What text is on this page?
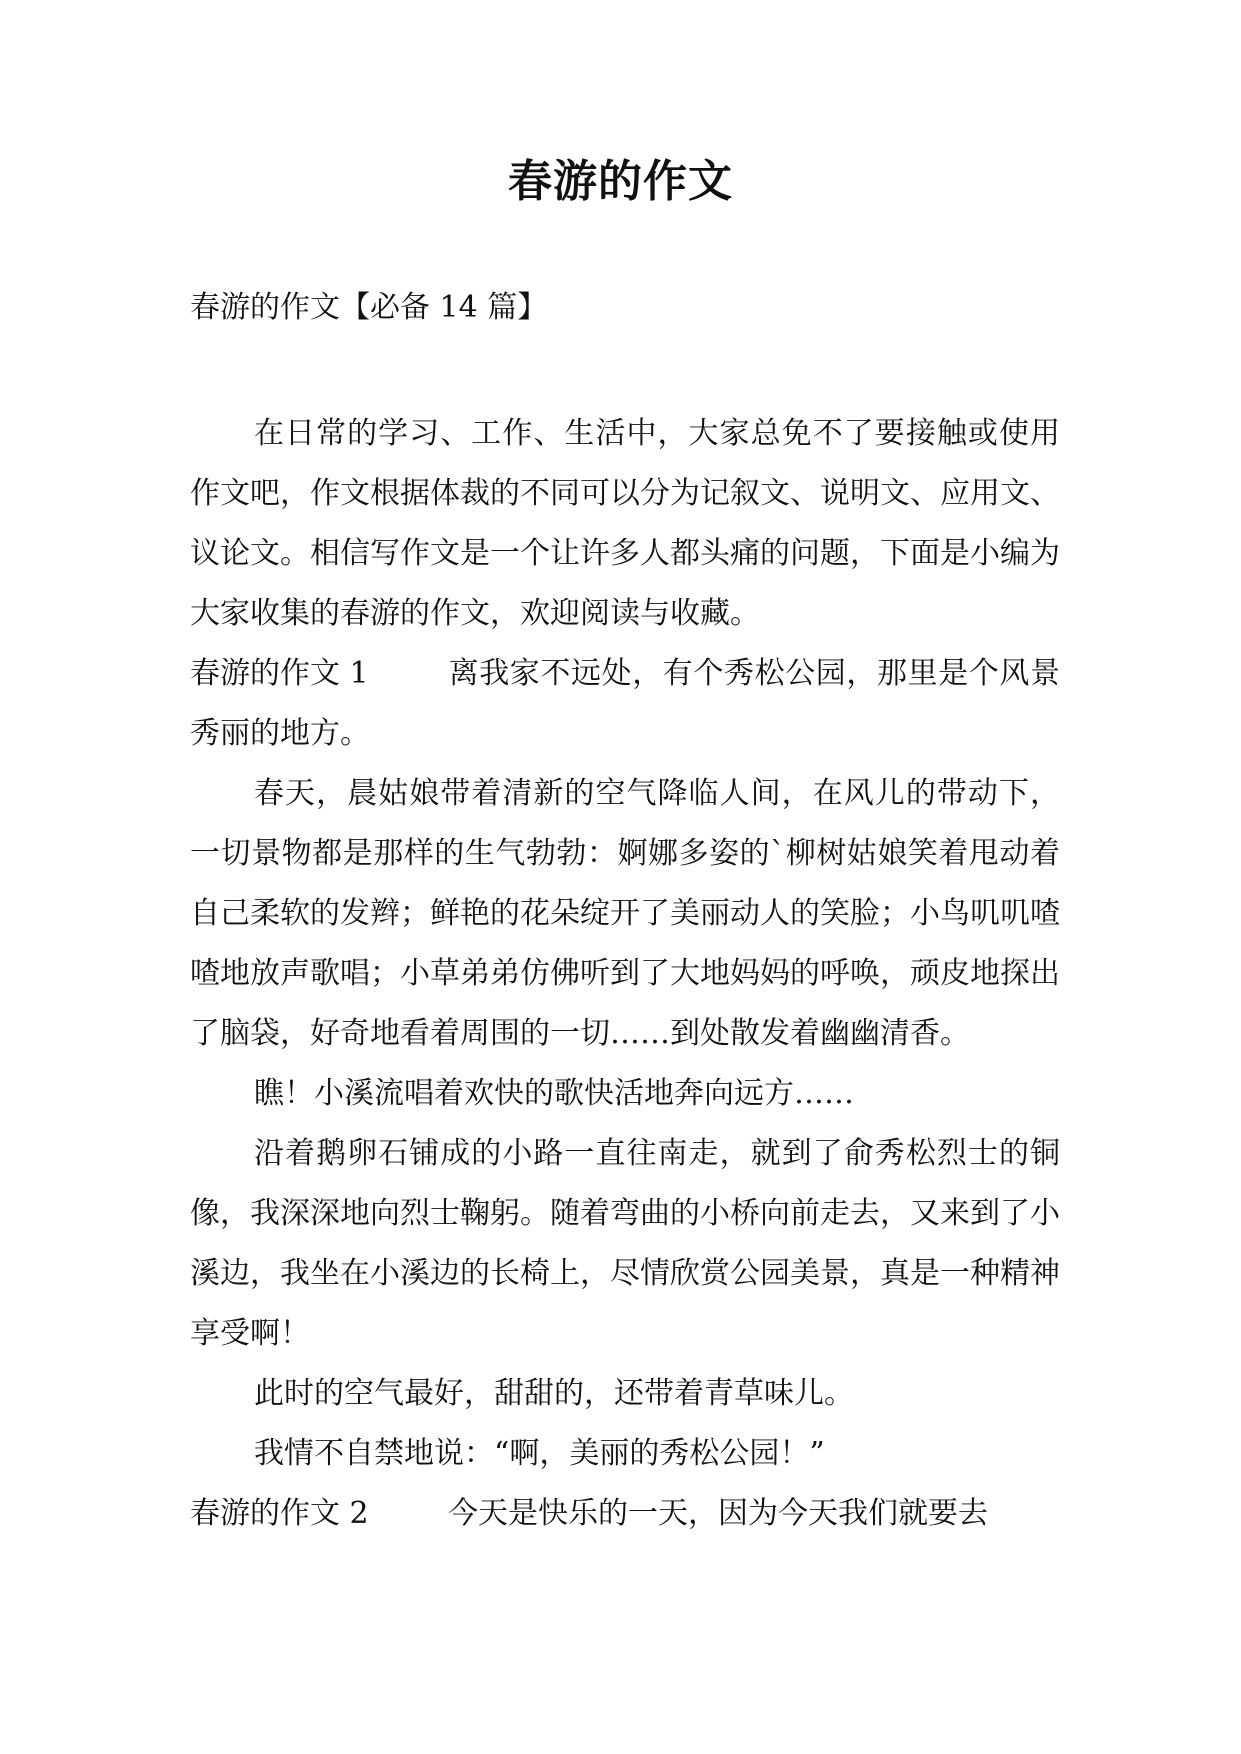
春游的作文
春游的作文【必备 14 篇】

在日常的学习、工作、生活中，大家总免不了要接触或使用作文吧，作文根据体裁的不同可以分为记叙文、说明文、应用文、议论文。相信写作文是一个让许多人都头痛的问题，下面是小编为大家收集的春游的作文，欢迎阅读与收藏。

春游的作文 1	离我家不远处，有个秀松公园，那里是个风景秀丽的地方。

春天，晨姑娘带着清新的空气降临人间，在风儿的带动下，一切景物都是那样的生气勃勃：婀娜多姿的`柳树姑娘笑着甩动着自己柔软的发辫；鲜艳的花朵绽开了美丽动人的笑脸；小鸟叽叽喳喳地放声歌唱；小草弟弟仿佛听到了大地妈妈的呼唤，顽皮地探出了脑袋，好奇地看着周围的一切……到处散发着幽幽清香。

瞧！小溪流唱着欢快的歌快活地奔向远方……

沿着鹅卵石铺成的小路一直往南走，就到了俞秀松烈士的铜像，我深深地向烈士鞠躬。随着弯曲的小桥向前走去，又来到了小溪边，我坐在小溪边的长椅上，尽情欣赏公园美景，真是一种精神享受啊！

此时的空气最好，甜甜的，还带着青草味儿。

我情不自禁地说：“啊，美丽的秀松公园！”

春游的作文 2	今天是快乐的一天，因为今天我们就要去
